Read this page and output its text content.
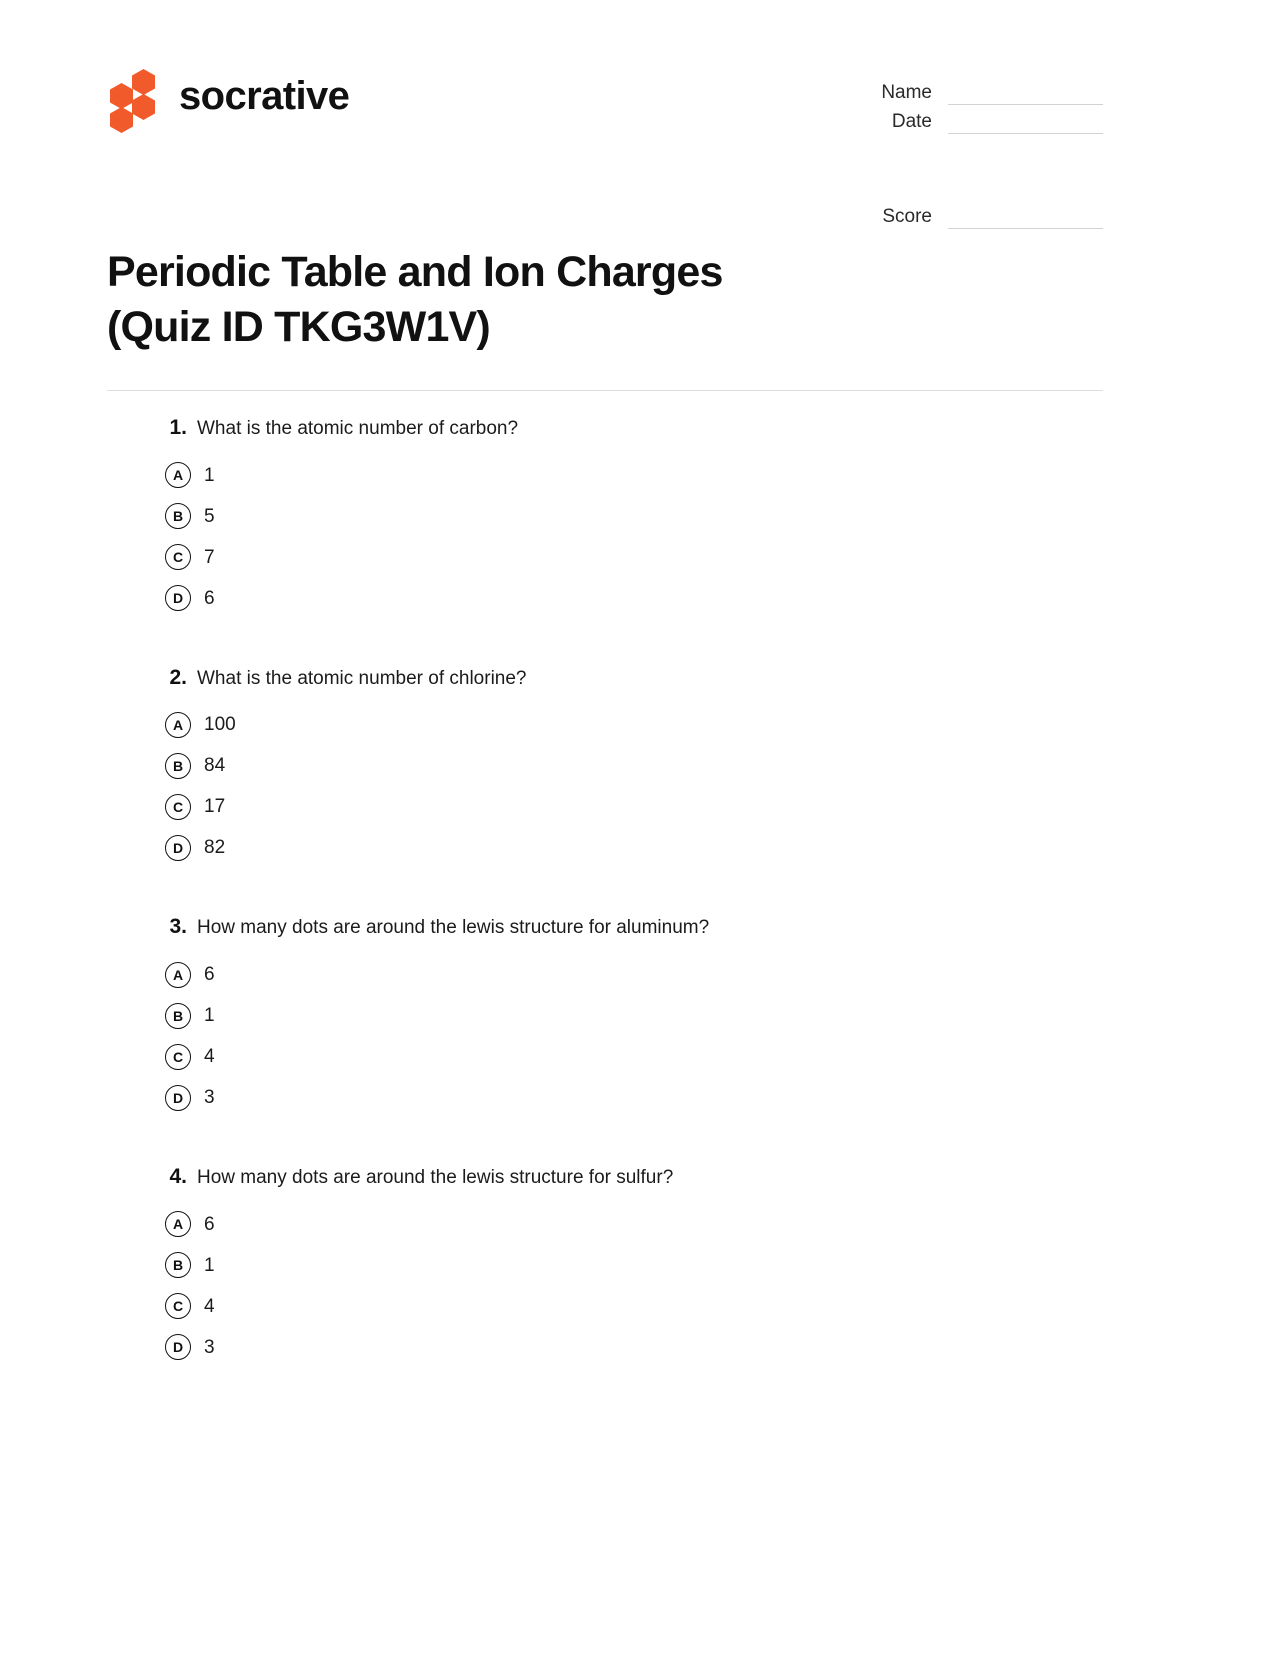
socrative	Name
Date
Score
Periodic Table and Ion Charges (Quiz ID TKG3W1V)
1. What is the atomic number of carbon?
A	1
B	5
C	7
D	6
2. What is the atomic number of chlorine?
A	100
B	84
C	17
D	82
3. How many dots are around the lewis structure for aluminum?
A	6
B	1
C	4
D	3
4. How many dots are around the lewis structure for sulfur?
A	6
B	1
C	4
D	3
